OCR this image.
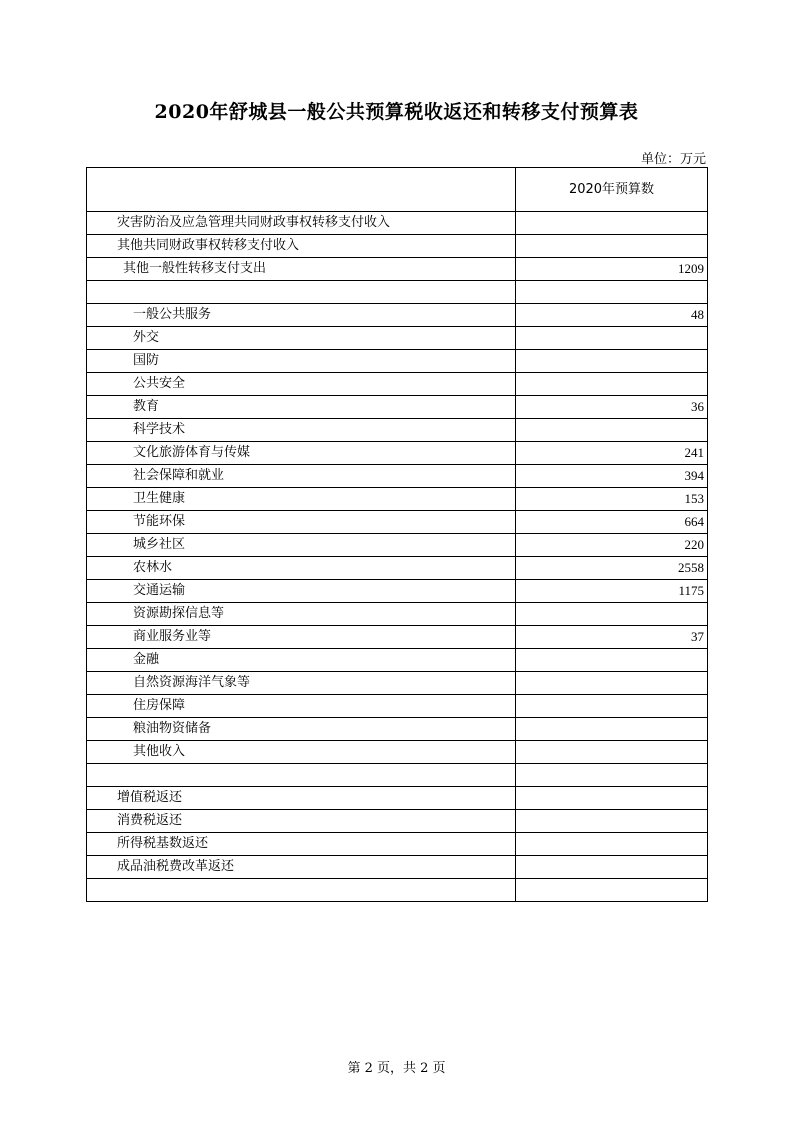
2020年舒城县一般公共预算税收返还和转移支付预算表
单位：万元
	2020年预算数
灾害防治及应急管理共同财政事权转移支付收入	
其他共同财政事权转移支付收入	
其他一般性转移支付支出	1209

一般公共服务	48
外交	
国防	
公共安全	
教育	36
科学技术	
文化旅游体育与传媒	241
社会保障和就业	394
卫生健康	153
节能环保	664
城乡社区	220
农林水	2558
交通运输	1175
资源勘探信息等	
商业服务业等	37
金融	
自然资源海洋气象等	
住房保障	
粮油物资储备	
其他收入	

增值税返还	
消费税返还	
所得税基数返还	
成品油税费改革返还	

第 2 页，共 2 页
